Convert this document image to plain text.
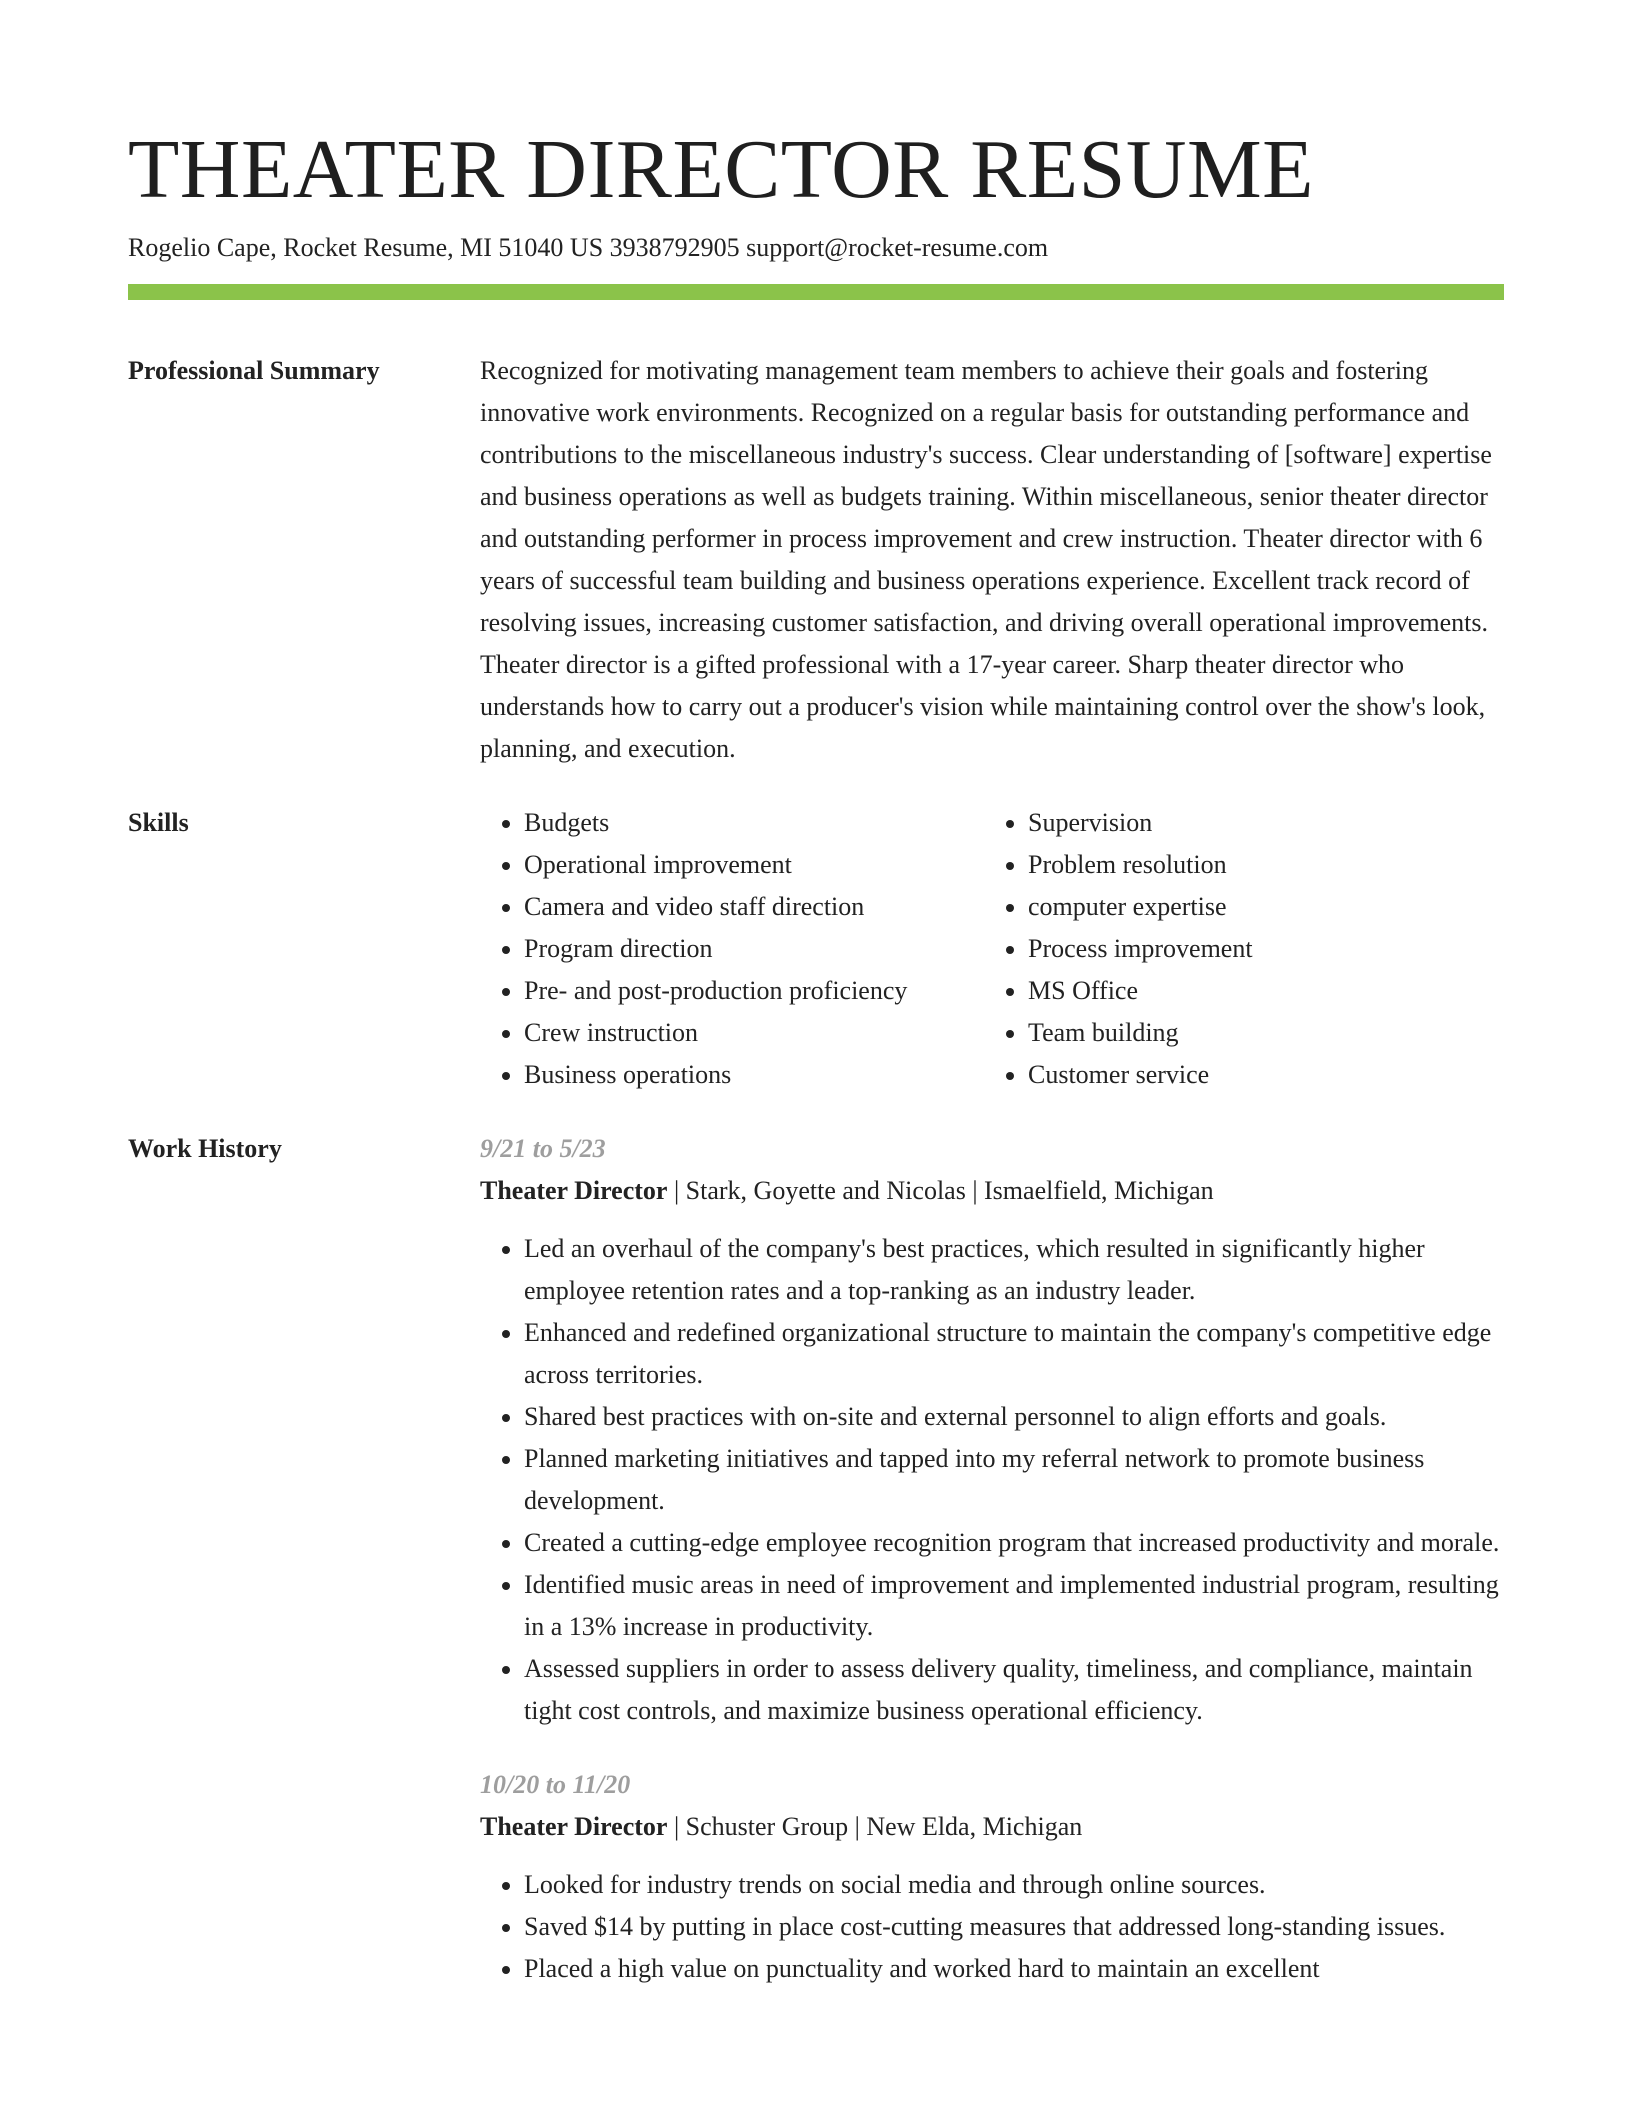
THEATER DIRECTOR RESUME
Rogelio Cape, Rocket Resume, MI 51040 US 3938792905 support@rocket-resume.com
Professional Summary	Recognized for motivating management team members to achieve their goals and fostering innovative work environments. Recognized on a regular basis for outstanding performance and contributions to the miscellaneous industry's success. Clear understanding of [software] expertise and business operations as well as budgets training. Within miscellaneous, senior theater director and outstanding performer in process improvement and crew instruction. Theater director with 6 years of successful team building and business operations experience. Excellent track record of resolving issues, increasing customer satisfaction, and driving overall operational improvements. Theater director is a gifted professional with a 17-year career. Sharp theater director who understands how to carry out a producer's vision while maintaining control over the show's look, planning, and execution.
Skills
•	Budgets
• Operational improvement
• Camera and video staff direction
• Program direction
• Pre- and post-production proficiency
• Crew instruction
• Business operations
• Supervision
• Problem resolution
• computer expertise
• Process improvement
• MS Office
• Team building
• Customer service
Work History	9/21 to 5/23
Theater Director | Stark, Goyette and Nicolas | Ismaelfield, Michigan
• Led an overhaul of the company's best practices, which resulted in significantly higher employee retention rates and a top-ranking as an industry leader.
• Enhanced and redefined organizational structure to maintain the company's competitive edge across territories.
• Shared best practices with on-site and external personnel to align efforts and goals.
• Planned marketing initiatives and tapped into my referral network to promote business development.
• Created a cutting-edge employee recognition program that increased productivity and morale.
• Identified music areas in need of improvement and implemented industrial program, resulting in a 13% increase in productivity.
• Assessed suppliers in order to assess delivery quality, timeliness, and compliance, maintain tight cost controls, and maximize business operational efficiency.
10/20 to 11/20
Theater Director | Schuster Group | New Elda, Michigan
• Looked for industry trends on social media and through online sources.
• Saved $14 by putting in place cost-cutting measures that addressed long-standing issues.
• Placed a high value on punctuality and worked hard to maintain an excellent
